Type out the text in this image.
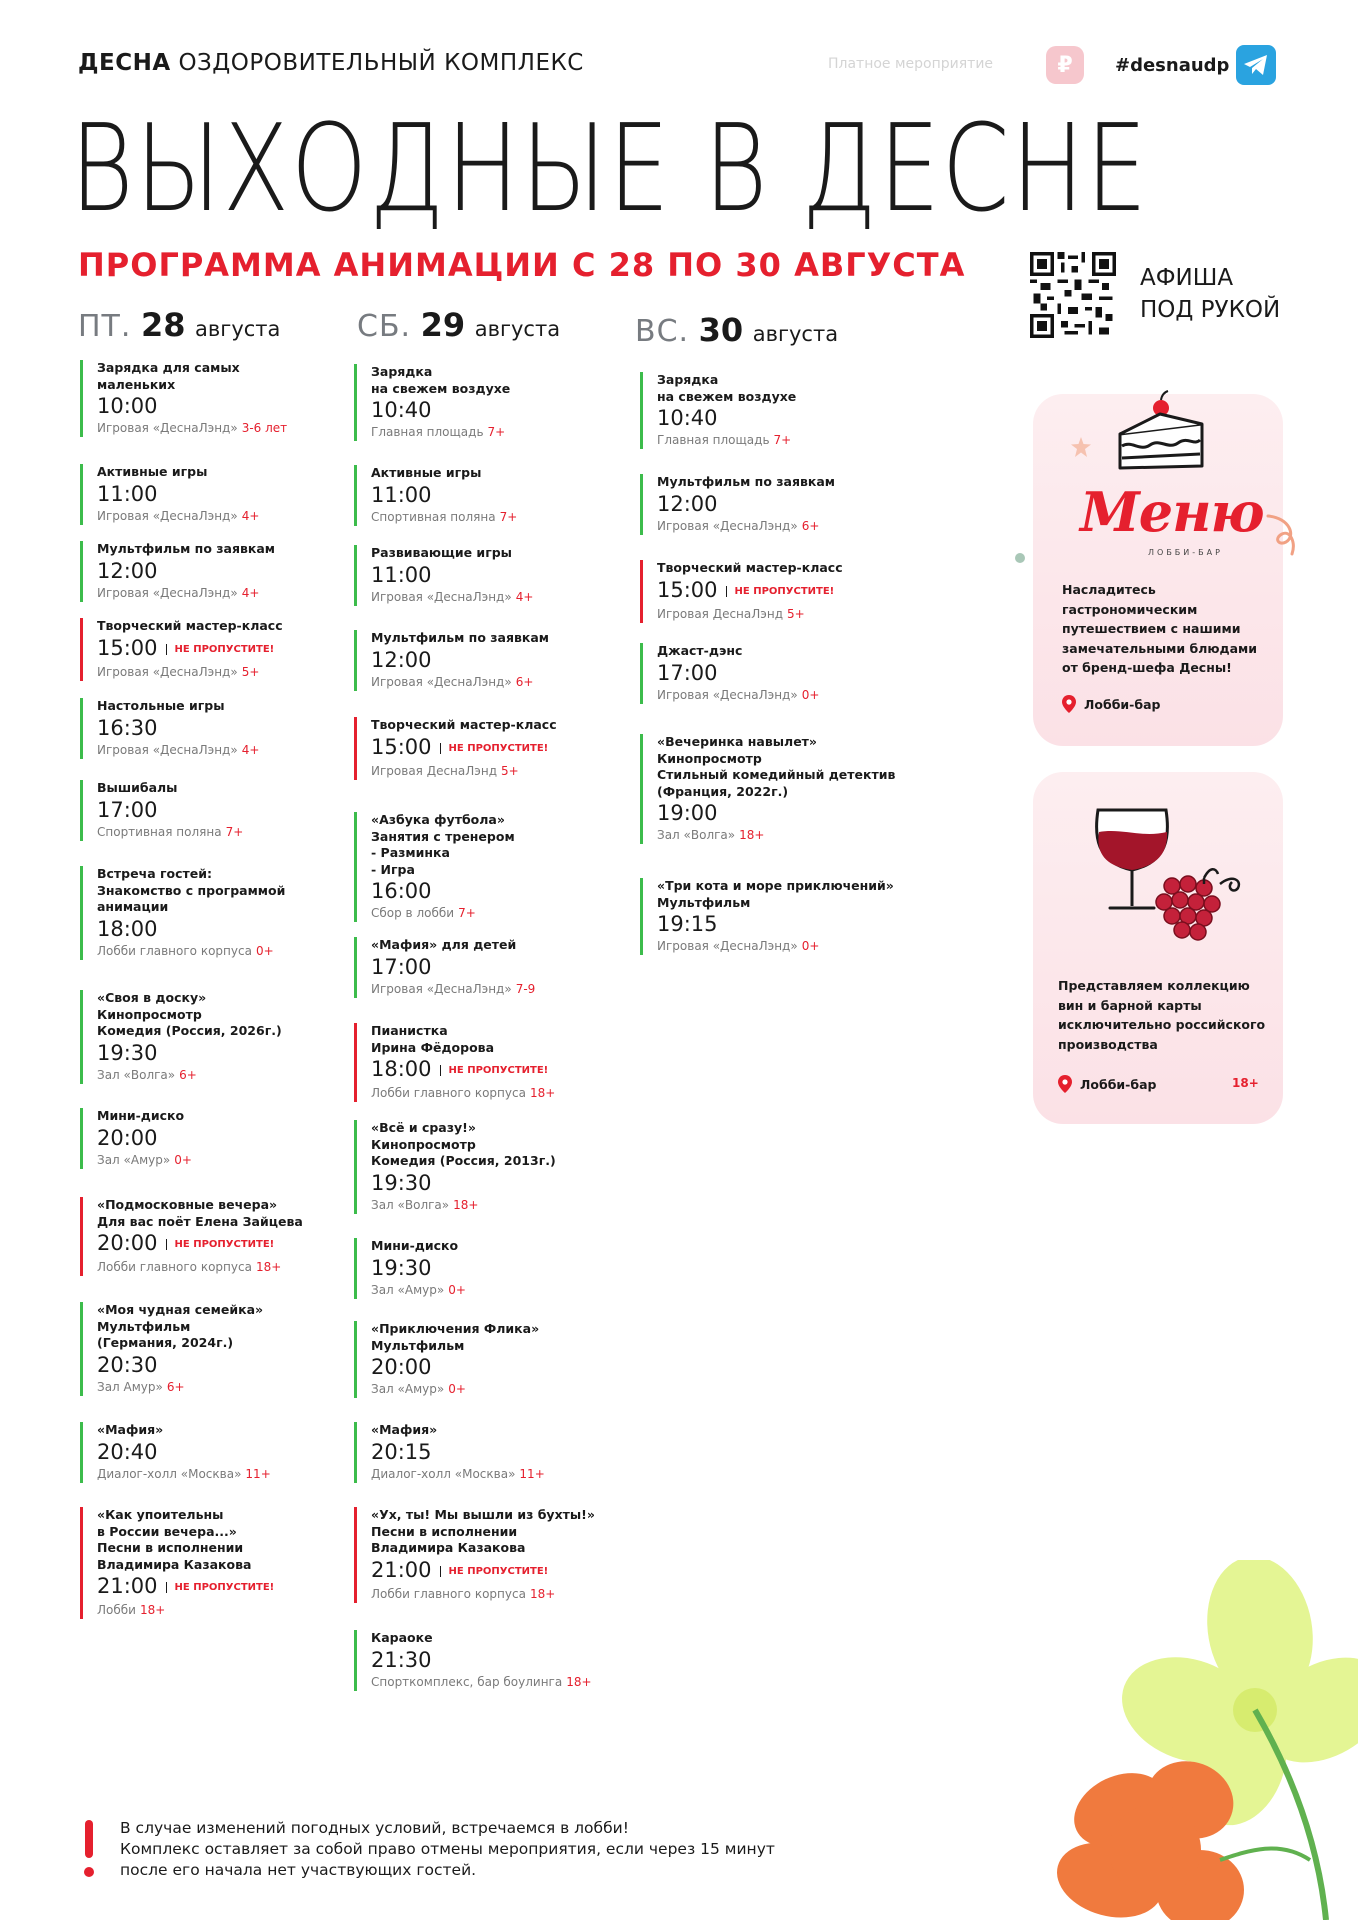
ДЕСНА ОЗДОРОВИТЕЛЬНЫЙ КОМПЛЕКС	Платное мероприятие	₽	#desnaudp
ВЫХОДНЫЕ В ДЕСНЕ
ПРОГРАММА АНИМАЦИИ С 28 ПО 30 АВГУСТА	АФИША
ПОД РУКОЙ
ПТ. 28 августа	СБ. 29 августа ВС. 30 августа
Зарядка для самых
маленьких
10:00
Игровая «ДеснаЛэнд» 3-6 лет
Активные игры
11:00
Игровая «ДеснаЛэнд» 4+
Мультфильм по заявкам
12:00
Игровая «ДеснаЛэнд» 4+
Творческий мастер-класс
15:00 НЕ ПРОПУСТИТЕ!
Игровая «ДеснаЛэнд» 5+
Настольные игры
16:30
Игровая «ДеснаЛэнд» 4+
Вышибалы
17:00
Спортивная поляна 7+
Встреча гостей:
Знакомство с программой
анимации
18:00
Лобби главного корпуса 0+
«Своя в доску»
Кинопросмотр
Комедия (Россия, 2026г.)
19:30
Зал «Волга» 6+
Мини-диско
20:00
Зал «Амур» 0+
«Подмосковные вечера»
Для вас поёт Елена Зайцева
20:00 НЕ ПРОПУСТИТЕ!
Лобби главного корпуса 18+
«Моя чудная семейка»
Мультфильм
(Германия, 2024г.)
20:30
Зал Амур» 6+
«Мафия»
20:40
Диалог-холл «Москва» 11+
«Как упоительны
в России вечера...»
Песни в исполнении
Владимира Казакова
21:00 НЕ ПРОПУСТИТЕ!
Лобби 18+
Зарядка
на свежем воздухе
10:40
Главная площадь 7+
Активные игры
11:00
Спортивная поляна 7+
Развивающие игры
11:00
Игровая «ДеснаЛэнд» 4+
Мультфильм по заявкам
12:00
Игровая «ДеснаЛэнд» 6+
Творческий мастер-класс
15:00 НЕ ПРОПУСТИТЕ!
Игровая ДеснаЛэнд 5+
«Азбука футбола»
Занятия с тренером
- Разминка
- Игра
16:00
Сбор в лобби 7+
«Мафия» для детей
17:00
Игровая «ДеснаЛэнд» 7-9
Пианистка
Ирина Фёдорова
18:00 НЕ ПРОПУСТИТЕ!
Лобби главного корпуса 18+
«Всё и сразу!»
Кинопросмотр
Комедия (Россия, 2013г.)
19:30
Зал «Волга» 18+
Мини-диско
19:30
Зал «Амур» 0+
«Приключения Флика»
Мультфильм
20:00
Зал «Амур» 0+
«Мафия»
20:15
Диалог-холл «Москва» 11+
«Ух, ты! Мы вышли из бухты!»
Песни в исполнении
Владимира Казакова
21:00 НЕ ПРОПУСТИТЕ!
Лобби главного корпуса 18+
Караоке
21:30
Спорткомплекс, бар боулинга 18+
Зарядка
на свежем воздухе
10:40
Главная площадь 7+
Мультфильм по заявкам
12:00
Игровая «ДеснаЛэнд» 6+
Творческий мастер-класс
15:00 НЕ ПРОПУСТИТЕ!
Игровая ДеснаЛэнд 5+
Джаст-дэнс
17:00
Игровая «ДеснаЛэнд» 0+
«Вечеринка навылет»
Кинопросмотр
Стильный комедийный детектив
(Франция, 2022г.)
19:00
Зал «Волга» 18+
«Три кота и море приключений»
Мультфильм
19:15
Игровая «ДеснаЛэнд» 0+
Меню
ЛОББИ-БАР
Насладитесь
гастрономическим
путешествием с нашими
замечательными блюдами
от бренд-шефа Десны!
Лобби-бар
Представляем коллекцию
вин и барной карты
исключительно российского
производства
Лобби-бар	18+
В случае изменений погодных условий, встречаемся в лобби!
Комплекс оставляет за собой право отмены мероприятия, если через 15 минут
после его начала нет участвующих гостей.
